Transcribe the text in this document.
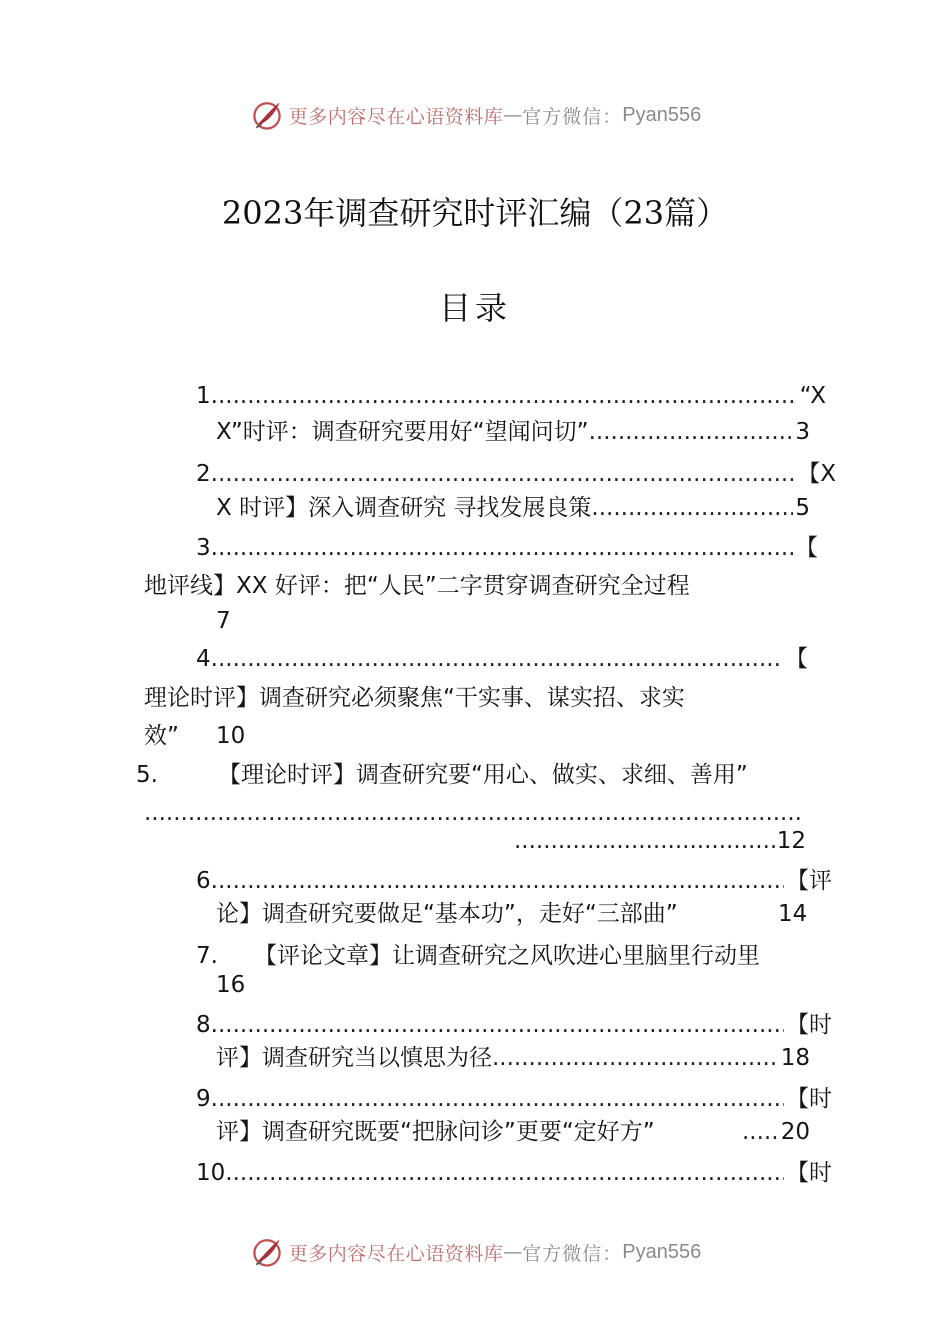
更多内容尽在心语资料库 — 官方微信： Pyan556
2023年调查研究时评汇编（23篇）
目录
1. .....	“X
X”时评：调查研究要用好“望闻问切” .....	3
2. .....	【X
X 时评】深入调查研究 寻找发展良策 .....	5
3. .....	【
地评线】XX 好评：把“人民”二字贯穿调查研究全过程
7
4. .....	【
理论时评】调查研究必须聚焦“干实事、谋实招、求实
效” 10
5.	【理论时评】调查研究要“用心、做实、求细、善用”
.....
.....
12
6. .....	【评
论】调查研究要做足“基本功”，走好“三部曲”	14
7. 【评论文章】让调查研究之风吹进心里脑里行动里
16
8. .....	【时
评】调查研究当以慎思为径 .....	18
9. .....	【时
评】调查研究既要“把脉问诊”更要“定好方” .....	20
10. .....	【时
更多内容尽在心语资料库 — 官方微信： Pyan556
